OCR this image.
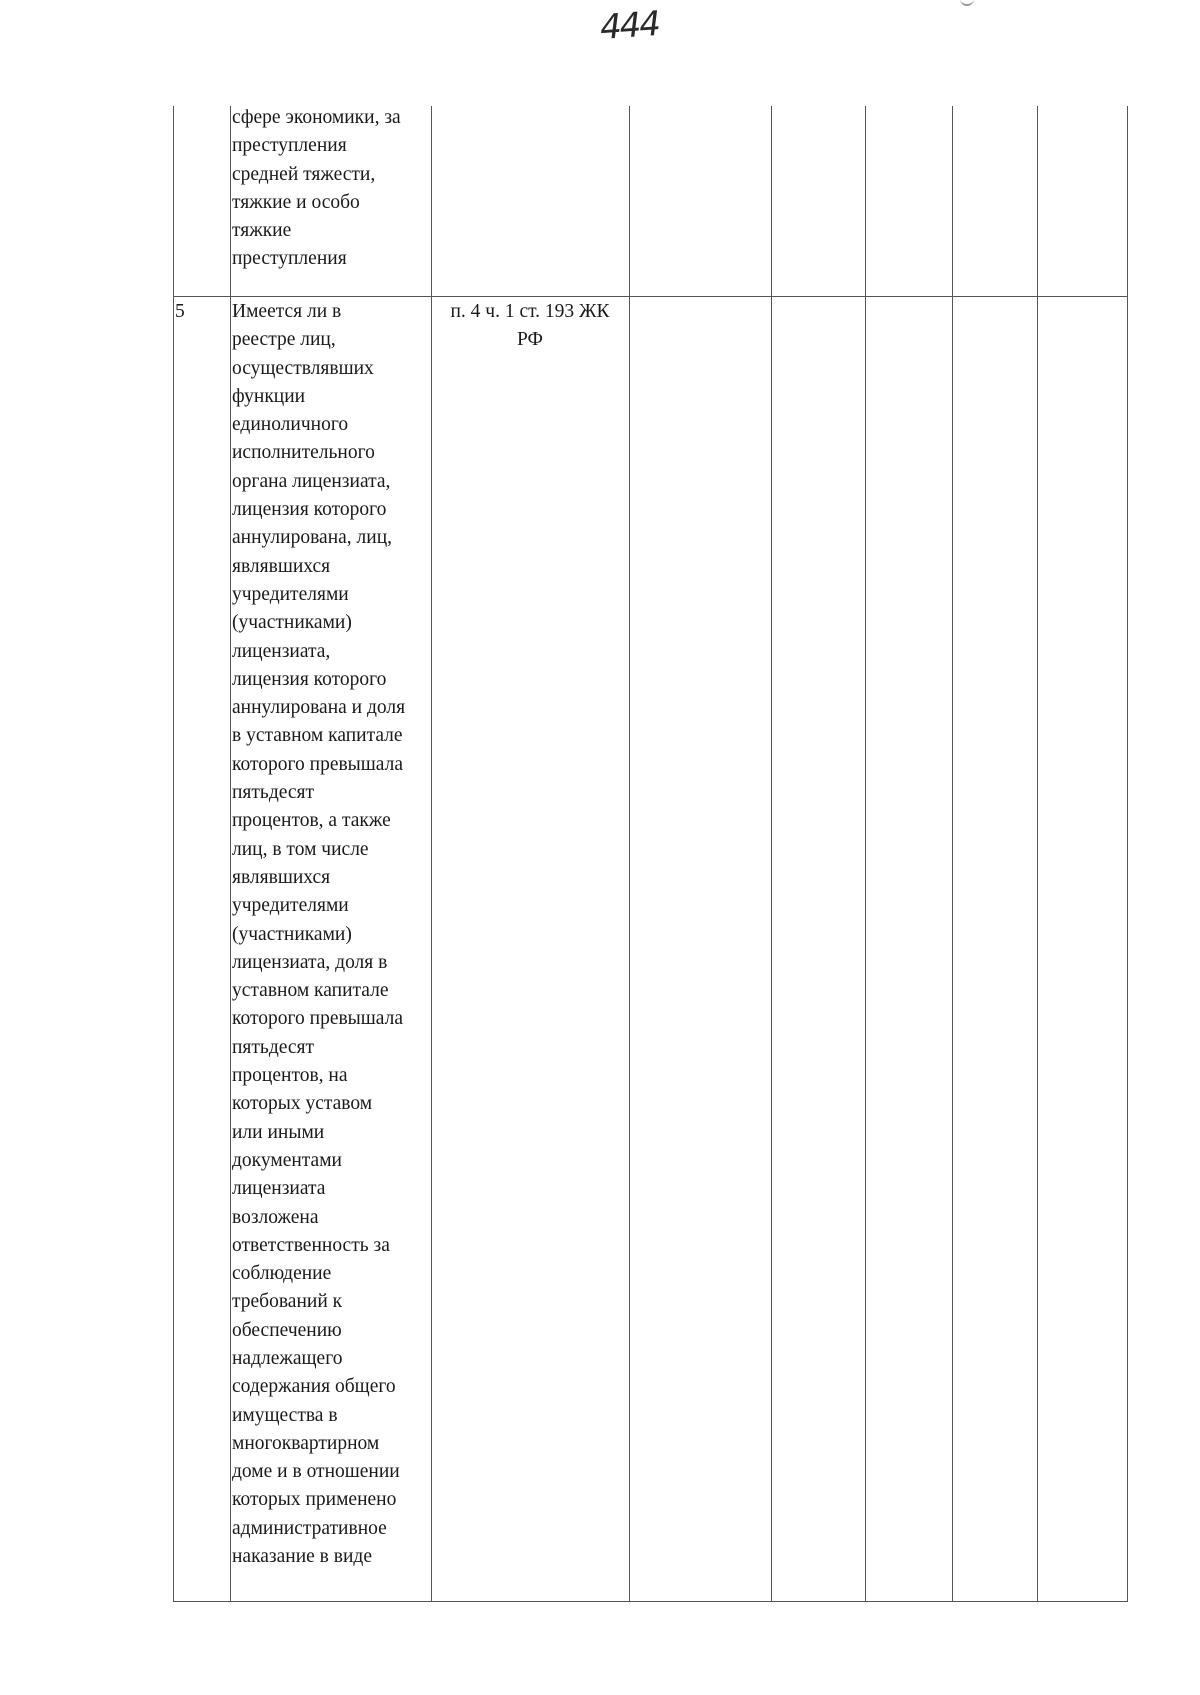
444
сфере экономики, за
преступления
средней тяжести,
тяжкие и особо
тяжкие
преступления
5	Имеется ли в
реестре лиц,
осуществлявших
функции
единоличного
исполнительного
органа лицензиата,
лицензия которого
аннулирована, лиц,
являвшихся
учредителями
(участниками)
лицензиата,
лицензия которого
аннулирована и доля
в уставном капитале
которого превышала
пятьдесят
процентов, а также
лиц, в том числе
являвшихся
учредителями
(участниками)
лицензиата, доля в
уставном капитале
которого превышала
пятьдесят
процентов, на
которых уставом
или иными
документами
лицензиата
возложена
ответственность за
соблюдение
требований к
обеспечению
надлежащего
содержания общего
имущества в
многоквартирном
доме и в отношении
которых применено
административное
наказание в виде
п. 4 ч. 1 ст. 193 ЖК
РФ
